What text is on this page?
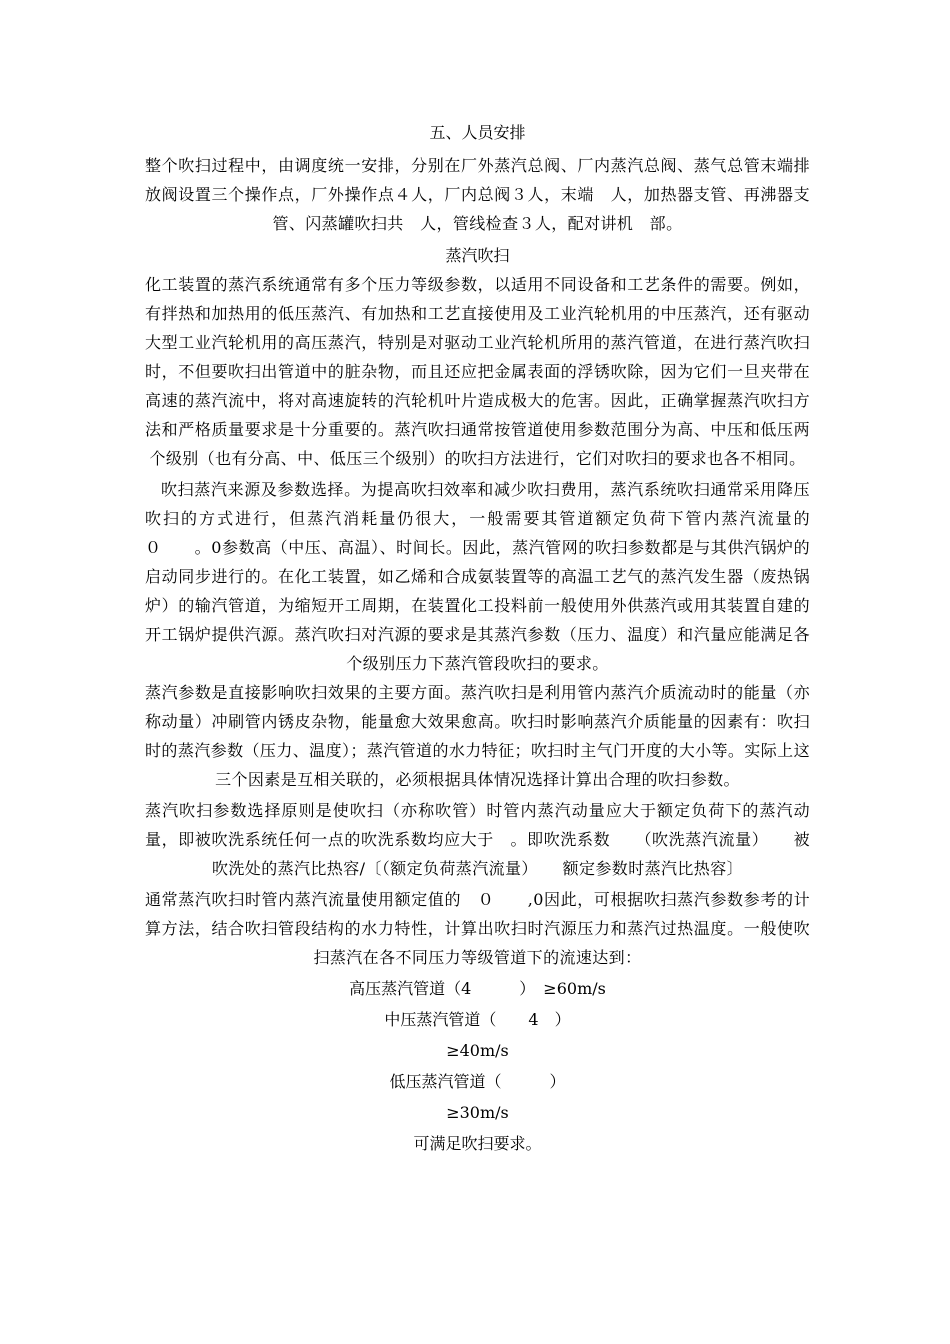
五、人员安排
整个吹扫过程中，由调度统一安排，分别在厂外蒸汽总阀、厂内蒸汽总阀、蒸气总管末端排放阀设置三个操作点，厂外操作点４人，厂内总阀３人，末端　人，加热器支管、再沸器支管、闪蒸罐吹扫共　人，管线检查３人，配对讲机　部。
蒸汽吹扫
化工装置的蒸汽系统通常有多个压力等级参数，以适用不同设备和工艺条件的需要。例如，有拌热和加热用的低压蒸汽、有加热和工艺直接使用及工业汽轮机用的中压蒸汽，还有驱动大型工业汽轮机用的高压蒸汽，特别是对驱动工业汽轮机所用的蒸汽管道，在进行蒸汽吹扫时，不但要吹扫出管道中的脏杂物，而且还应把金属表面的浮锈吹除，因为它们一旦夹带在高速的蒸汽流中，将对高速旋转的汽轮机叶片造成极大的危害。因此，正确掌握蒸汽吹扫方法和严格质量要求是十分重要的。蒸汽吹扫通常按管道使用参数范围分为高、中压和低压两个级别（也有分高、中、低压三个级别）的吹扫方法进行，它们对吹扫的要求也各不相同。
吹扫蒸汽来源及参数选择。为提高吹扫效率和减少吹扫费用，蒸汽系统吹扫通常采用降压吹扫的方式进行，但蒸汽消耗量仍很大，一般需要其管道额定负荷下管内蒸汽流量的０　　。0参数高（中压、高温）、时间长。因此，蒸汽管网的吹扫参数都是与其供汽锅炉的启动同步进行的。在化工装置，如乙烯和合成氨装置等的高温工艺气的蒸汽发生器（废热锅炉）的输汽管道，为缩短开工周期，在装置化工投料前一般使用外供蒸汽或用其装置自建的开工锅炉提供汽源。蒸汽吹扫对汽源的要求是其蒸汽参数（压力、温度）和汽量应能满足各个级别压力下蒸汽管段吹扫的要求。
蒸汽参数是直接影响吹扫效果的主要方面。蒸汽吹扫是利用管内蒸汽介质流动时的能量（亦称动量）冲刷管内锈皮杂物，能量愈大效果愈高。吹扫时影响蒸汽介质能量的因素有：吹扫时的蒸汽参数（压力、温度）；蒸汽管道的水力特征；吹扫时主气门开度的大小等。实际上这三个因素是互相关联的，必须根据具体情况选择计算出合理的吹扫参数。
蒸汽吹扫参数选择原则是使吹扫（亦称吹管）时管内蒸汽动量应大于额定负荷下的蒸汽动量，即被吹洗系统任何一点的吹洗系数均应大于　。即吹洗系数　　（吹洗蒸汽流量）　　被吹洗处的蒸汽比热容/〔（额定负荷蒸汽流量）　　额定参数时蒸汽比热容〕
通常蒸汽吹扫时管内蒸汽流量使用额定值的　０　　,0因此，可根据吹扫蒸汽参数参考的计算方法，结合吹扫管段结构的水力特性，计算出吹扫时汽源压力和蒸汽过热温度。一般使吹扫蒸汽在各不同压力等级管道下的流速达到：
高压蒸汽管道（4　　　）　≥60m/s
中压蒸汽管道（　　4　）
≥40m/s
低压蒸汽管道（　　　）
≥30m/s
可满足吹扫要求。
